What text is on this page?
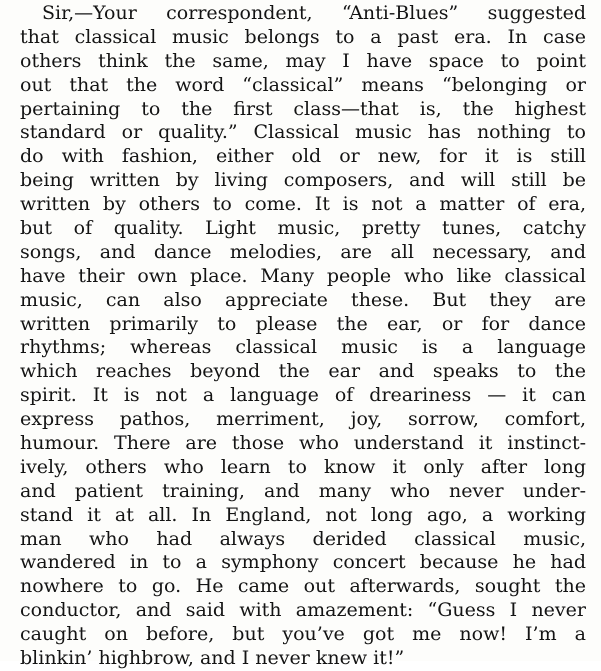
Sir,—Your correspondent, “Anti-Blues” suggested
that classical music belongs to a past era. In case
others think the same, may I have space to point
out that the word “classical” means “belonging or
pertaining to the first class—that is, the highest
standard or quality.” Classical music has nothing to
do with fashion, either old or new, for it is still
being written by living composers, and will still be
written by others to come. It is not a matter of era,
but of quality. Light music, pretty tunes, catchy
songs, and dance melodies, are all necessary, and
have their own place. Many people who like classical
music, can also appreciate these. But they are
written primarily to please the ear, or for dance
rhythms; whereas classical music is a language
which reaches beyond the ear and speaks to the
spirit. It is not a language of dreariness — it can
express pathos, merriment, joy, sorrow, comfort,
humour. There are those who understand it instinct-
ively, others who learn to know it only after long
and patient training, and many who never under-
stand it at all. In England, not long ago, a working
man who had always derided classical music,
wandered in to a symphony concert because he had
nowhere to go. He came out afterwards, sought the
conductor, and said with amazement: “Guess I never
caught on before, but you’ve got me now! I’m a
blinkin’ highbrow, and I never knew it!”
